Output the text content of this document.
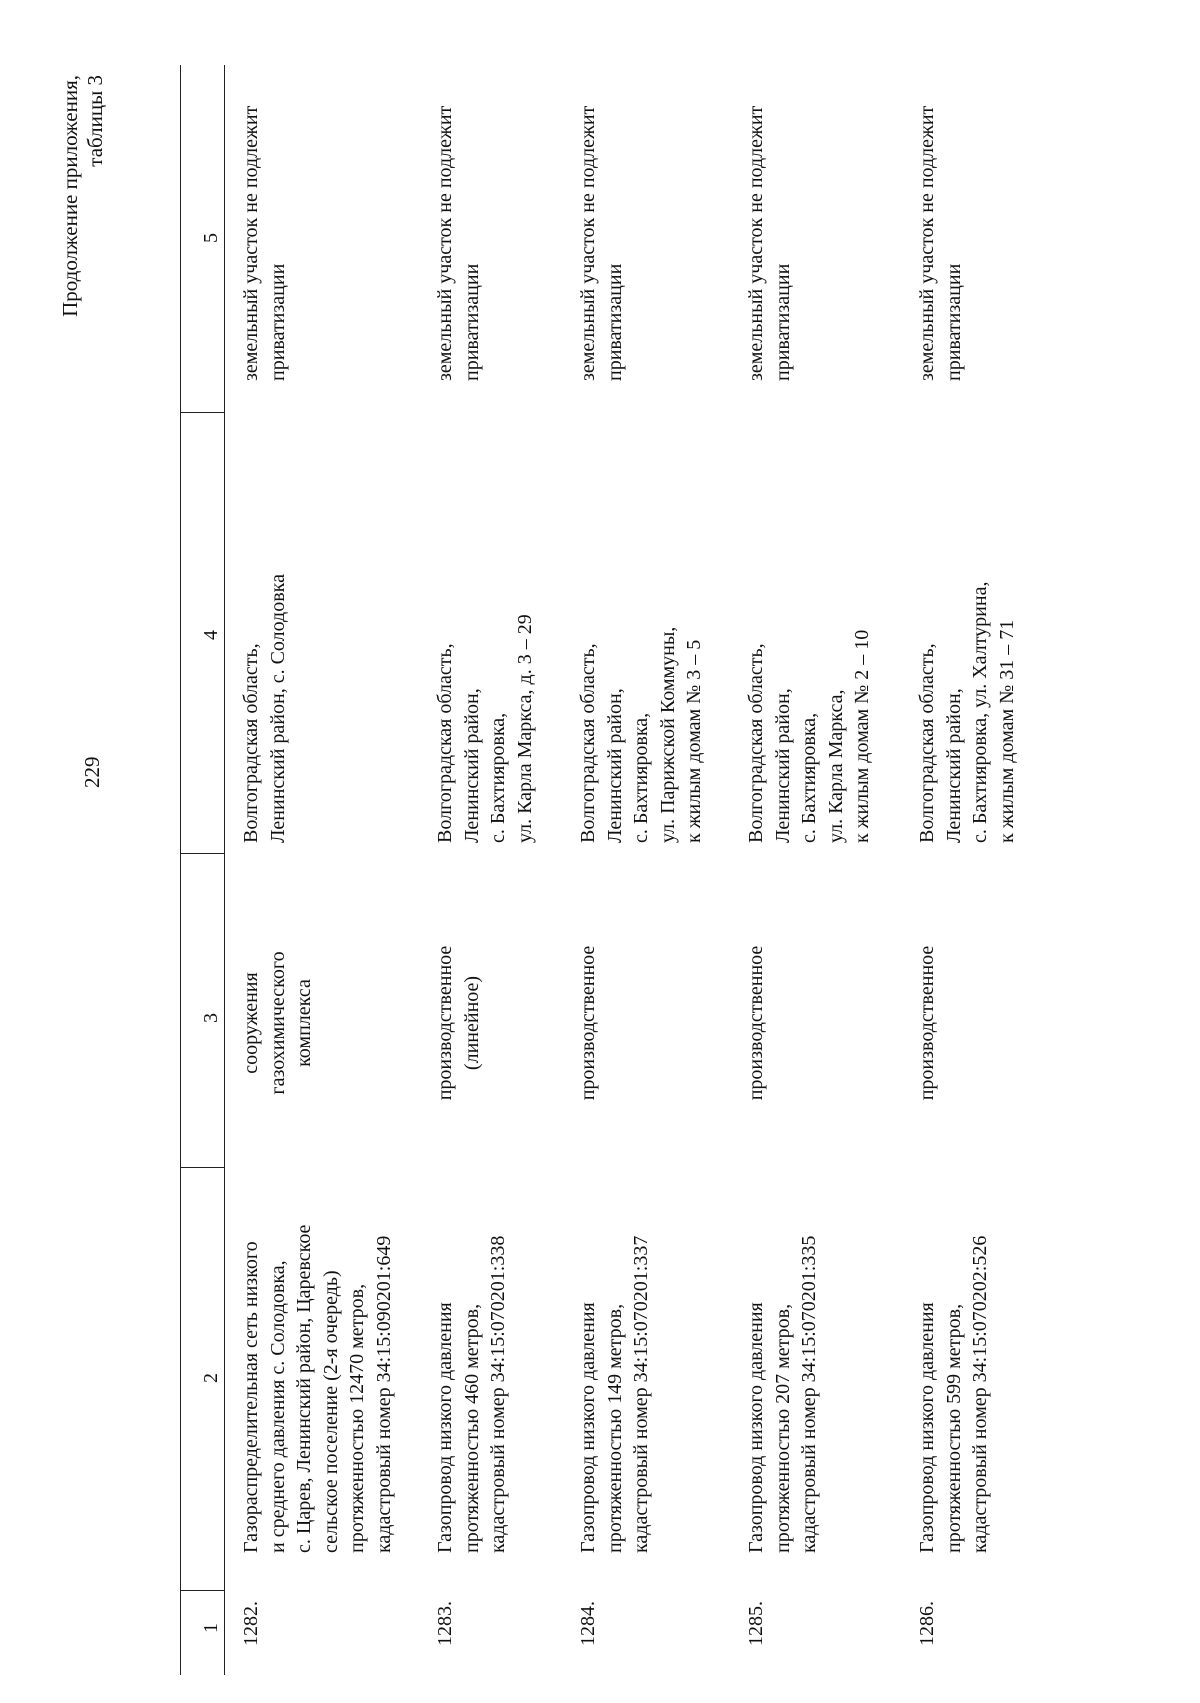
229
Продолжение приложения, таблицы 3
1
2
3
4
5
1282.
Газораспределительная сеть низкого и среднего давления с. Солодовка, с. Царев, Ленинский район, Царевское сельское поселение (2-я очередь) протяженностью 12470 метров, кадастровый номер 34:15:090201:649
сооружения газохимического комплекса
Волгоградская область, Ленинский район, с. Солодовка
земельный участок не подлежит приватизации
1283.
Газопровод низкого давления протяженностью 460 метров, кадастровый номер 34:15:070201:338
производственное (линейное)
Волгоградская область, Ленинский район, с. Бахтияровка, ул. Карла Маркса, д. 3 – 29
земельный участок не подлежит приватизации
1284.
Газопровод низкого давления протяженностью 149 метров, кадастровый номер 34:15:070201:337
производственное
Волгоградская область, Ленинский район, с. Бахтияровка, ул. Парижской Коммуны, к жилым домам № 3 – 5
земельный участок не подлежит приватизации
1285.
Газопровод низкого давления протяженностью 207 метров, кадастровый номер 34:15:070201:335
производственное
Волгоградская область, Ленинский район, с. Бахтияровка, ул. Карла Маркса, к жилым домам № 2 – 10
земельный участок не подлежит приватизации
1286.
Газопровод низкого давления протяженностью 599 метров, кадастровый номер 34:15:070202:526
производственное
Волгоградская область, Ленинский район, с. Бахтияровка, ул. Халтурина, к жилым домам № 31 – 71
земельный участок не подлежит приватизации
